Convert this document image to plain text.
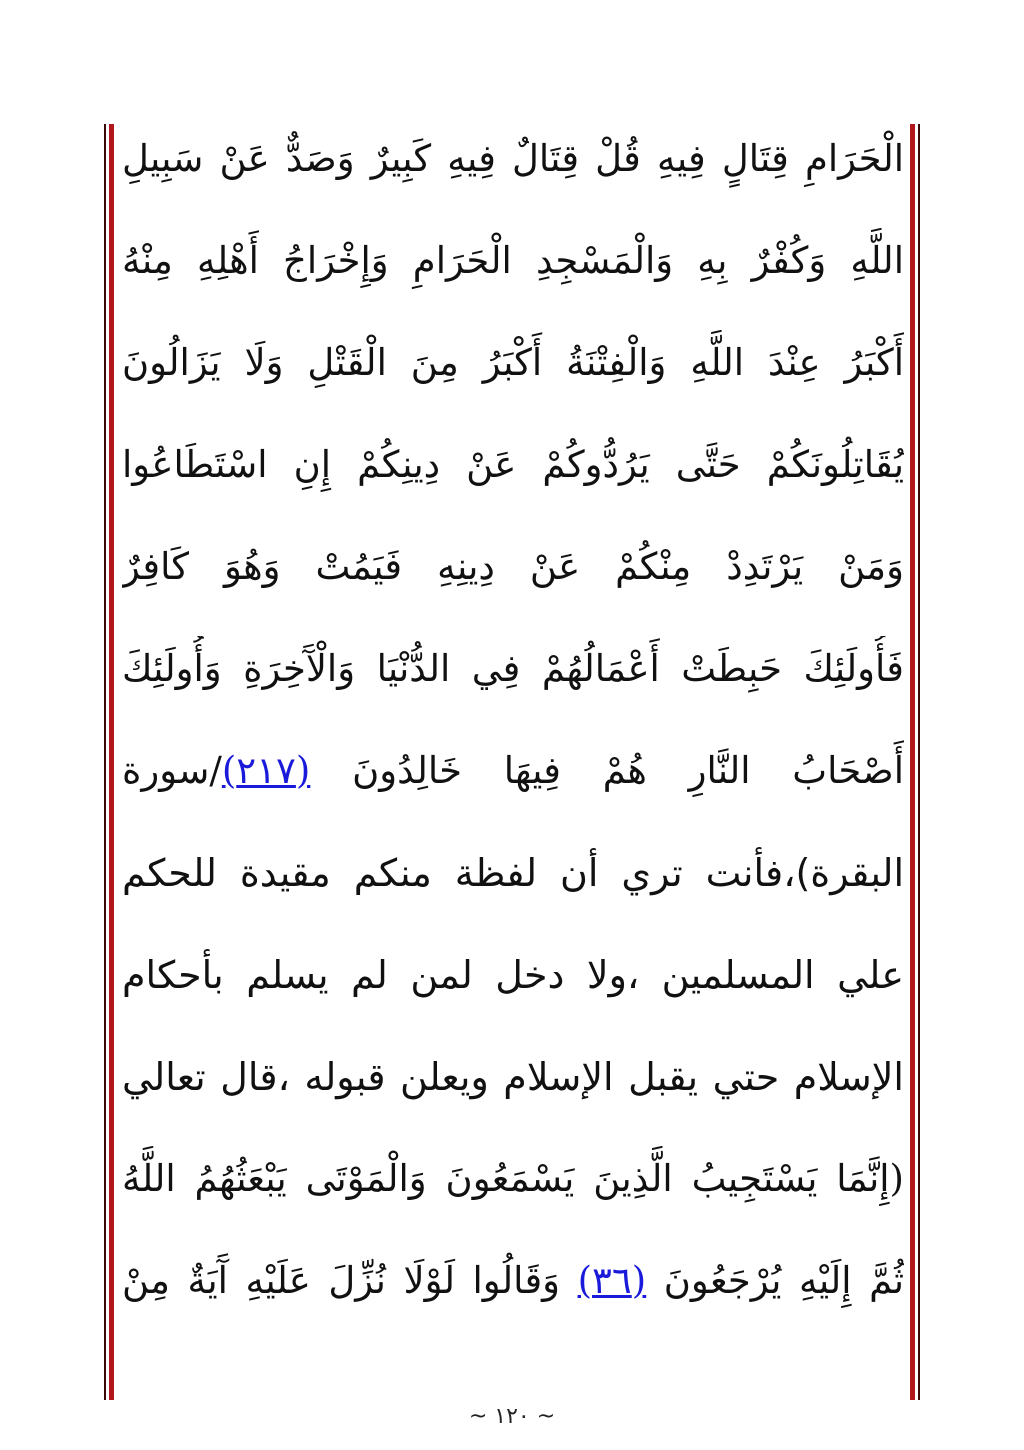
الْحَرَامِ قِتَالٍ فِيهِ قُلْ قِتَالٌ فِيهِ كَبِيرٌ وَصَدٌّ عَنْ سَبِيلِ
اللَّهِ وَكُفْرٌ بِهِ وَالْمَسْجِدِ الْحَرَامِ وَإِخْرَاجُ أَهْلِهِ مِنْهُ
أَكْبَرُ عِنْدَ اللَّهِ وَالْفِتْنَةُ أَكْبَرُ مِنَ الْقَتْلِ وَلَا يَزَالُونَ
يُقَاتِلُونَكُمْ حَتَّى يَرُدُّوكُمْ عَنْ دِينِكُمْ إِنِ اسْتَطَاعُوا
وَمَنْ يَرْتَدِدْ مِنْكُمْ عَنْ دِينِهِ فَيَمُتْ وَهُوَ كَافِرٌ
فَأُولَئِكَ حَبِطَتْ أَعْمَالُهُمْ فِي الدُّنْيَا وَالْآَخِرَةِ وَأُولَئِكَ
أَصْحَابُ النَّارِ هُمْ فِيهَا خَالِدُونَ (٢١٧)/سورة
البقرة)،فأنت تري أن لفظة منكم مقيدة للحكم
علي المسلمين ،ولا دخل لمن لم يسلم بأحكام
الإسلام حتي يقبل الإسلام ويعلن قبوله ،قال تعالي
(إِنَّمَا يَسْتَجِيبُ الَّذِينَ يَسْمَعُونَ وَالْمَوْتَى يَبْعَثُهُمُ اللَّهُ
ثُمَّ إِلَيْهِ يُرْجَعُونَ (٣٦) وَقَالُوا لَوْلَا نُزِّلَ عَلَيْهِ آَيَةٌ مِنْ
~ ١٢٠ ~
